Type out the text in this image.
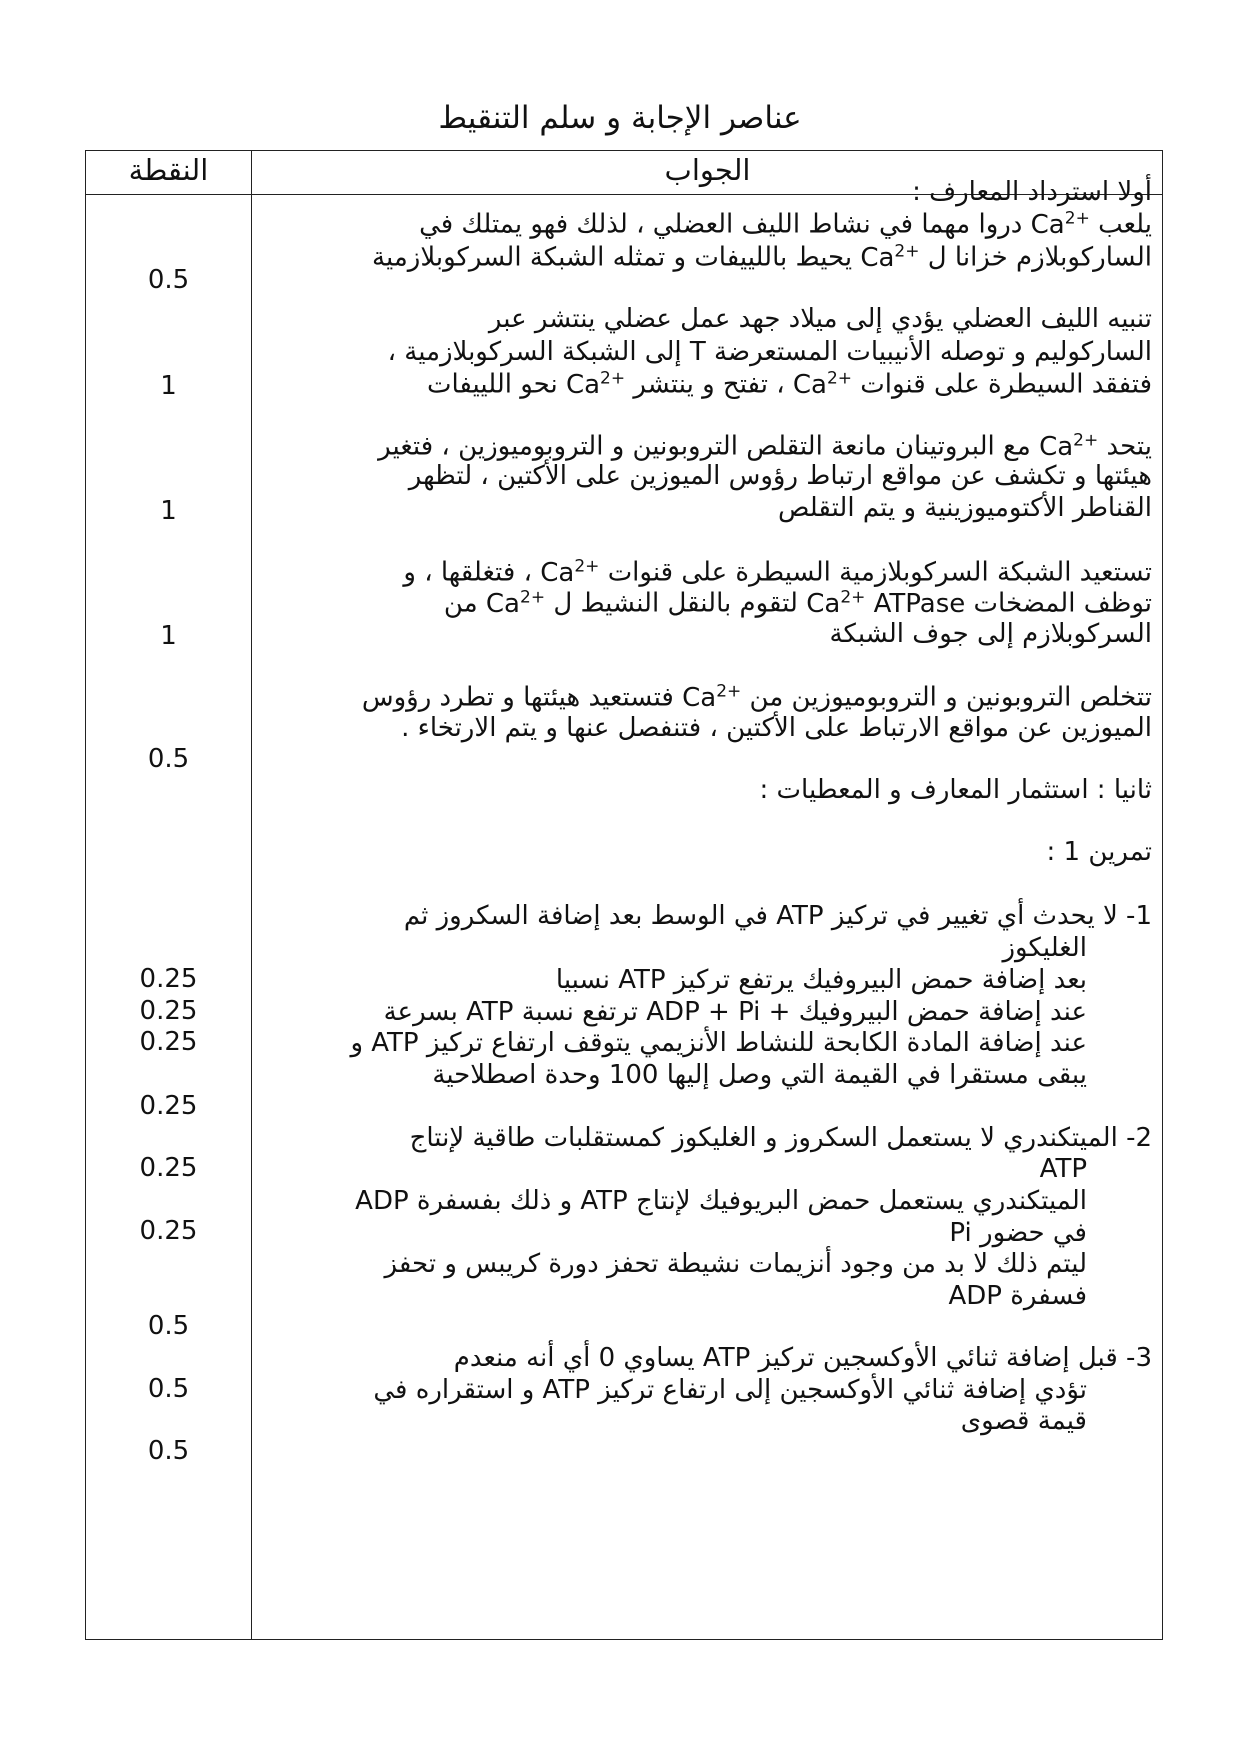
عناصر الإجابة و سلم التنقيط
النقطة	الجواب
أولا استرداد المعارف :
يلعب $Ca^{2+}$ دروا مهما في نشاط الليف العضلي ، لذلك فهو يمتلك في
الساركوبلازم خزانا ل $Ca^{2+}$ يحيط باللييفات و تمثله الشبكة السركوبلازمية
تنبيه الليف العضلي يؤدي إلى ميلاد جهد عمل عضلي ينتشر عبر
الساركوليم و توصله الأنيبيات المستعرضة T إلى الشبكة السركوبلازمية ،
فتفقد السيطرة على قنوات $Ca^{2+}$ ، تفتح و ينتشر $Ca^{2+}$ نحو اللييفات
يتحد $Ca^{2+}$ مع البروتينان مانعة التقلص التروبونين و التروبوميوزين ، فتغير
هيئتها و تكشف عن مواقع ارتباط رؤوس الميوزين على الأكتين ، لتظهر
القناطر الأكتوميوزينية و يتم التقلص
تستعيد الشبكة السركوبلازمية السيطرة على قنوات $Ca^{2+}$ ، فتغلقها ، و
توظف المضخات $Ca^{2+}$ ATPase لتقوم بالنقل النشيط ل $Ca^{2+}$ من
السركوبلازم إلى جوف الشبكة
تتخلص التروبونين و التروبوميوزين من $Ca^{2+}$ فتستعيد هيئتها و تطرد رؤوس
الميوزين عن مواقع الارتباط على الأكتين ، فتنفصل عنها و يتم الارتخاء .
ثانيا : استثمار المعارف و المعطيات :
تمرين 1 :
1- لا يحدث أي تغيير في تركيز ATP في الوسط بعد إضافة السكروز ثم
الغليكوز
بعد إضافة حمض البيروفيك يرتفع تركيز ATP نسبيا
عند إضافة حمض البيروفيك + ADP + Pi ترتفع نسبة ATP بسرعة
عند إضافة المادة الكابحة للنشاط الأنزيمي يتوقف ارتفاع تركيز ATP و
يبقى مستقرا في القيمة التي وصل إليها 100 وحدة اصطلاحية
2- الميتكندري لا يستعمل السكروز و الغليكوز كمستقلبات طاقية لإنتاج
ATP
الميتكندري يستعمل حمض البريوفيك لإنتاج ATP و ذلك بفسفرة ADP
في حضور Pi
ليتم ذلك لا بد من وجود أنزيمات نشيطة تحفز دورة كريبس و تحفز
فسفرة ADP
3- قبل إضافة ثنائي الأوكسجين تركيز ATP يساوي 0 أي أنه منعدم
تؤدي إضافة ثنائي الأوكسجين إلى ارتفاع تركيز ATP و استقراره في
قيمة قصوى
0.5
1
1
1
0.5
0.25
0.25
0.25
0.25
0.25
0.25
0.5
0.5
0.5
